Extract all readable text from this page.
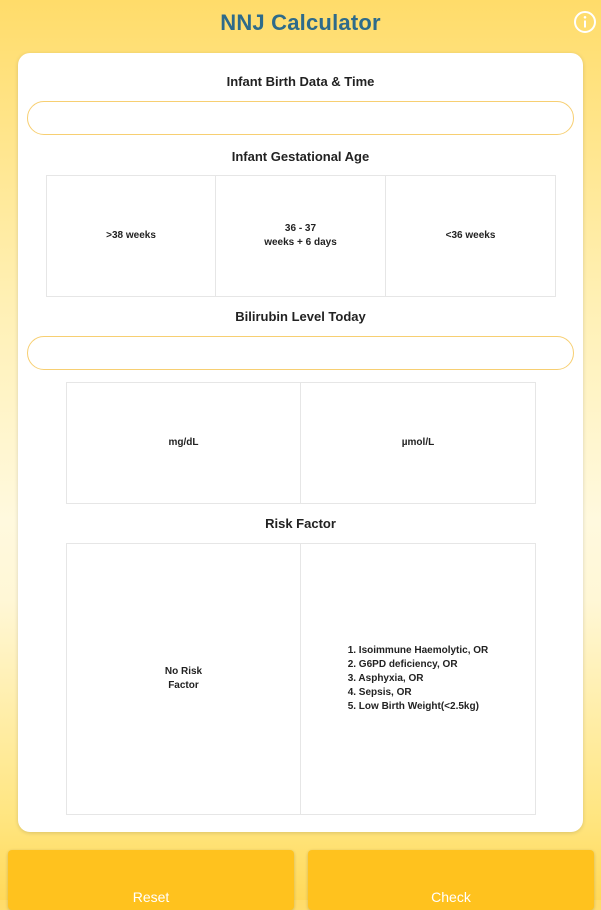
NNJ Calculator
Infant Birth Data & Time
Infant Gestational Age
>38 weeks
36 - 37
weeks + 6 days
<36 weeks
Bilirubin Level Today
mg/dL	µmol/L
Risk Factor
No Risk
Factor
1. Isoimmune Haemolytic, OR
2. G6PD deficiency, OR
3. Asphyxia, OR
4. Sepsis, OR
5. Low Birth Weight(<2.5kg)
Reset	Check
